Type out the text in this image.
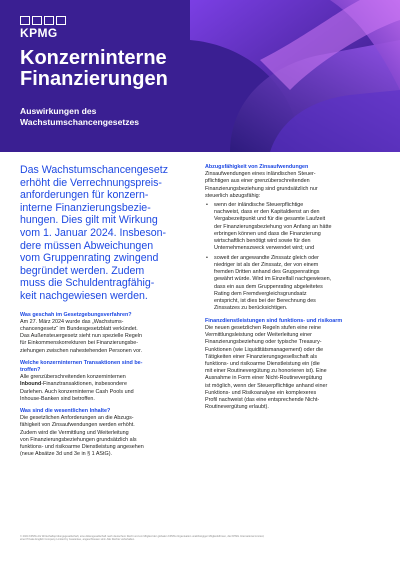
KPMG
Konzerninterne
Finanzierungen
Auswirkungen des
Wachstumschancengesetzes
Das Wachstumschancengesetz
erhöht die Verrechnungspreis-
anforderungen für konzern-
interne Finanzierungsbezie-
hungen. Dies gilt mit Wirkung
vom 1. Januar 2024. Insbeson-
dere müssen Abweichungen
vom Gruppenrating zwingend
begründet werden. Zudem
muss die Schuldentragfähig-
keit nachgewiesen werden.
Was geschah im Gesetzgebungsverfahren?
Am 27. März 2024 wurde das „Wachstums-
chancengesetz“ im Bundesgesetzblatt verkündet.
Das Außensteuergesetz sieht nun spezielle Regeln
für Einkommenskorrekturen bei Finanzierungsbe-
ziehungen zwischen nahestehenden Personen vor.
Welche konzerninternen Transaktionen sind be-
troffen?
Alle grenzüberschreitenden konzerninternen
Inbound-Finanztransaktionen, insbesondere
Darlehen. Auch konzerninterne Cash Pools und
Inhouse-Banken sind betroffen.
Was sind die wesentlichen Inhalte?
Die gesetzlichen Anforderungen an die Abzugs-
fähigkeit von Zinsaufwendungen werden erhöht.
Zudem wird die Vermittlung und Weiterleitung
von Finanzierungsbeziehungen grundsätzlich als
funktions- und risikoarme Dienstleistung angesehen
(neue Absätze 3d und 3e in § 1 AStG).
Abzugsfähigkeit von Zinsaufwendungen
Zinsaufwendungen eines inländischen Steuer-
pflichtigen aus einer grenzüberschreitenden
Finanzierungsbeziehung sind grundsätzlich nur
steuerlich abzugsfähig:
• wenn der inländische Steuerpflichtige
nachweist, dass er den Kapitaldienst an den
Vergabezeitpunkt und für die gesamte Laufzeit
der Finanzierungsbeziehung von Anfang an hätte
erbringen können und dass die Finanzierung
wirtschaftlich benötigt wird sowie für den
Unternehmenszweck verwendet wird; und
• soweit der angewandte Zinssatz gleich oder
niedriger ist als der Zinssatz, der von einem
fremden Dritten anhand des Gruppenratings
gewährt würde. Wird im Einzelfall nachgewiesen,
dass ein aus dem Gruppenrating abgeleitetes
Rating dem Fremdvergleichsgrundsatz
entspricht, ist dies bei der Berechnung des
Zinssatzes zu berücksichtigen.
Finanzdienstleistungen sind funktions- und risikoarm
Die neuen gesetzlichen Regeln stufen eine reine
Vermittlungsleistung oder Weiterleitung einer
Finanzierungsbeziehung oder typische Treasury-
Funktionen (wie Liquiditätsmanagement) oder die
Tätigkeiten einer Finanzierungsgesellschaft als
funktions- und risikoarme Dienstleistung ein (die
mit einer Routinevergütung zu honorieren ist). Eine
Ausnahme in Form einer Nicht-Routinevergütung
ist möglich, wenn der Steuerpflichtige anhand einer
Funktions- und Risikoanalyse ein komplexeres
Profil nachweist (das eine entsprechende Nicht-
Routinevergütung erlaubt).
© 2024 KPMG AG Wirtschaftsprüfungsgesellschaft, eine Aktiengesellschaft nach deutschem Recht und ein Mitglied der globalen KPMG-Organisation unabhängiger Mitgliedsfirmen, die KPMG International Limited,
einer Private English Company Limited by Guarantee, angeschlossen sind. Alle Rechte vorbehalten.
